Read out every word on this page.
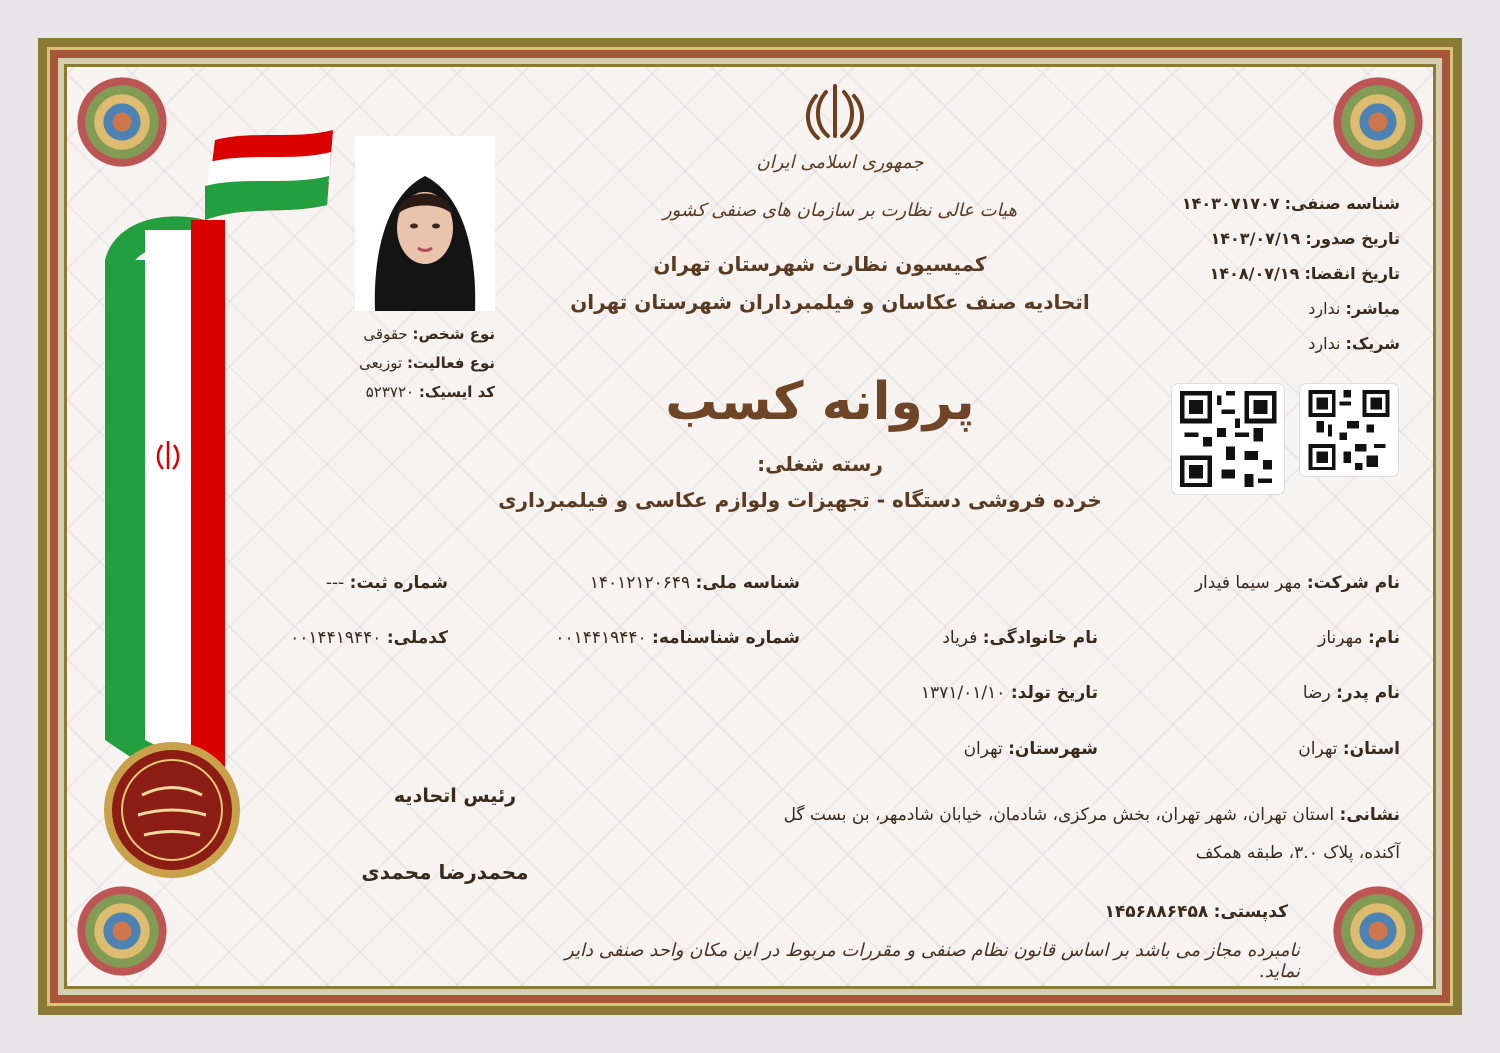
جمهوری اسلامی ایران
هیات عالی نظارت بر سازمان های صنفی کشور
کمیسیون نظارت شهرستان تهران
اتحادیه صنف عکاسان و فیلمبرداران شهرستان تهران
پروانه کسب
رسته شغلی:
خرده فروشی دستگاه - تجهیزات ولوازم عکاسی و فیلمبرداری
شناسه صنفی: ۱۴۰۳۰۷۱۷۰۷
تاریخ صدور: ۱۴۰۳/۰۷/۱۹
تاریخ انقضا: ۱۴۰۸/۰۷/۱۹
مباشر: ندارد
شریک: ندارد
نوع شخص: حقوقی
نوع فعالیت: توزیعی
کد ایسیک: ۵۲۳۷۲۰
نام شرکت: مهر سیما فیدار
شناسه ملی: ۱۴۰۱۲۱۲۰۶۴۹
شماره ثبت: ---
نام: مهرناز
نام خانوادگی: فریاد
شماره شناسنامه: ۰۰۱۴۴۱۹۴۴۰
کدملی: ۰۰۱۴۴۱۹۴۴۰
نام پدر: رضا
تاریخ تولد: ۱۳۷۱/۰۱/۱۰
استان: تهران
شهرستان: تهران
نشانی: استان تهران، شهر تهران، بخش مرکزی، شادمان، خیابان شادمهر، بن بست گل
آکنده، پلاک ۳.۰، طبقه همکف
کدپستی: ۱۴۵۶۸۸۶۴۵۸
رئیس اتحادیه
محمدرضا محمدی
نامبرده مجاز می باشد بر اساس قانون نظام صنفی و مقررات مربوط در این مکان واحد صنفی دایر نماید.
